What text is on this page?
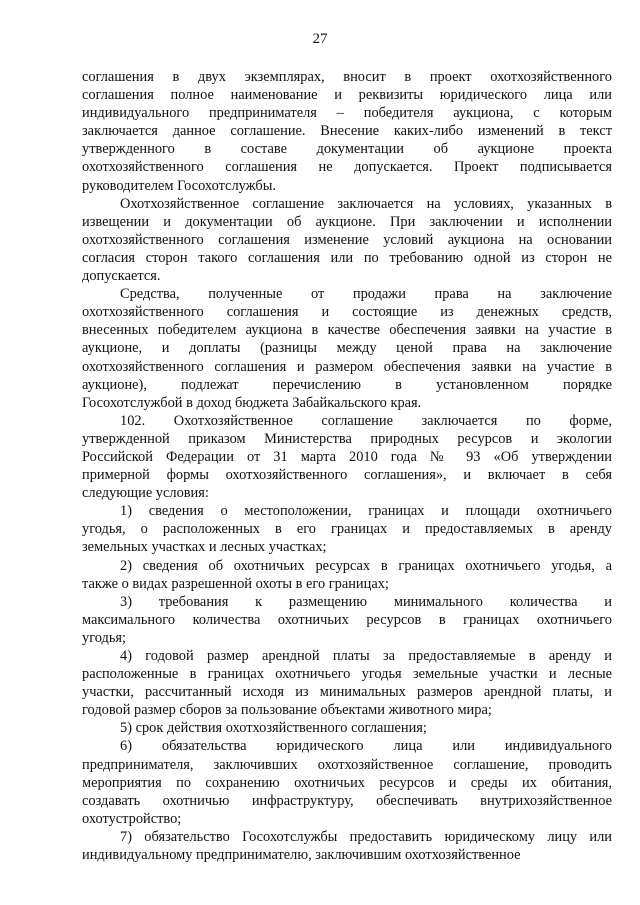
27
соглашения в двух экземплярах, вносит в проект охотхозяйственного
соглашения полное наименование и реквизиты юридического лица или
индивидуального предпринимателя – победителя аукциона, с которым
заключается данное соглашение. Внесение каких-либо изменений в текст
утвержденного в составе документации об аукционе проекта
охотхозяйственного соглашения не допускается. Проект подписывается
руководителем Госохотслужбы.
Охотхозяйственное соглашение заключается на условиях, указанных в
извещении и документации об аукционе. При заключении и исполнении
охотхозяйственного соглашения изменение условий аукциона на основании
согласия сторон такого соглашения или по требованию одной из сторон не
допускается.
Средства, полученные от продажи права на заключение
охотхозяйственного соглашения и состоящие из денежных средств,
внесенных победителем аукциона в качестве обеспечения заявки на участие в
аукционе, и доплаты (разницы между ценой права на заключение
охотхозяйственного соглашения и размером обеспечения заявки на участие в
аукционе), подлежат перечислению в установленном порядке
Госохотслужбой в доход бюджета Забайкальского края.
102. Охотхозяйственное соглашение заключается по форме,
утвержденной приказом Министерства природных ресурсов и экологии
Российской Федерации от 31 марта 2010 года № 93 «Об утверждении
примерной формы охотхозяйственного соглашения», и включает в себя
следующие условия:
1) сведения о местоположении, границах и площади охотничьего
угодья, о расположенных в его границах и предоставляемых в аренду
земельных участках и лесных участках;
2) сведения об охотничьих ресурсах в границах охотничьего угодья, а
также о видах разрешенной охоты в его границах;
3) требования к размещению минимального количества и
максимального количества охотничьих ресурсов в границах охотничьего
угодья;
4) годовой размер арендной платы за предоставляемые в аренду и
расположенные в границах охотничьего угодья земельные участки и лесные
участки, рассчитанный исходя из минимальных размеров арендной платы, и
годовой размер сборов за пользование объектами животного мира;
5) срок действия охотхозяйственного соглашения;
6) обязательства юридического лица или индивидуального
предпринимателя, заключивших охотхозяйственное соглашение, проводить
мероприятия по сохранению охотничьих ресурсов и среды их обитания,
создавать охотничью инфраструктуру, обеспечивать внутрихозяйственное
охотустройство;
7) обязательство Госохотслужбы предоставить юридическому лицу или
индивидуальному предпринимателю, заключившим охотхозяйственное
